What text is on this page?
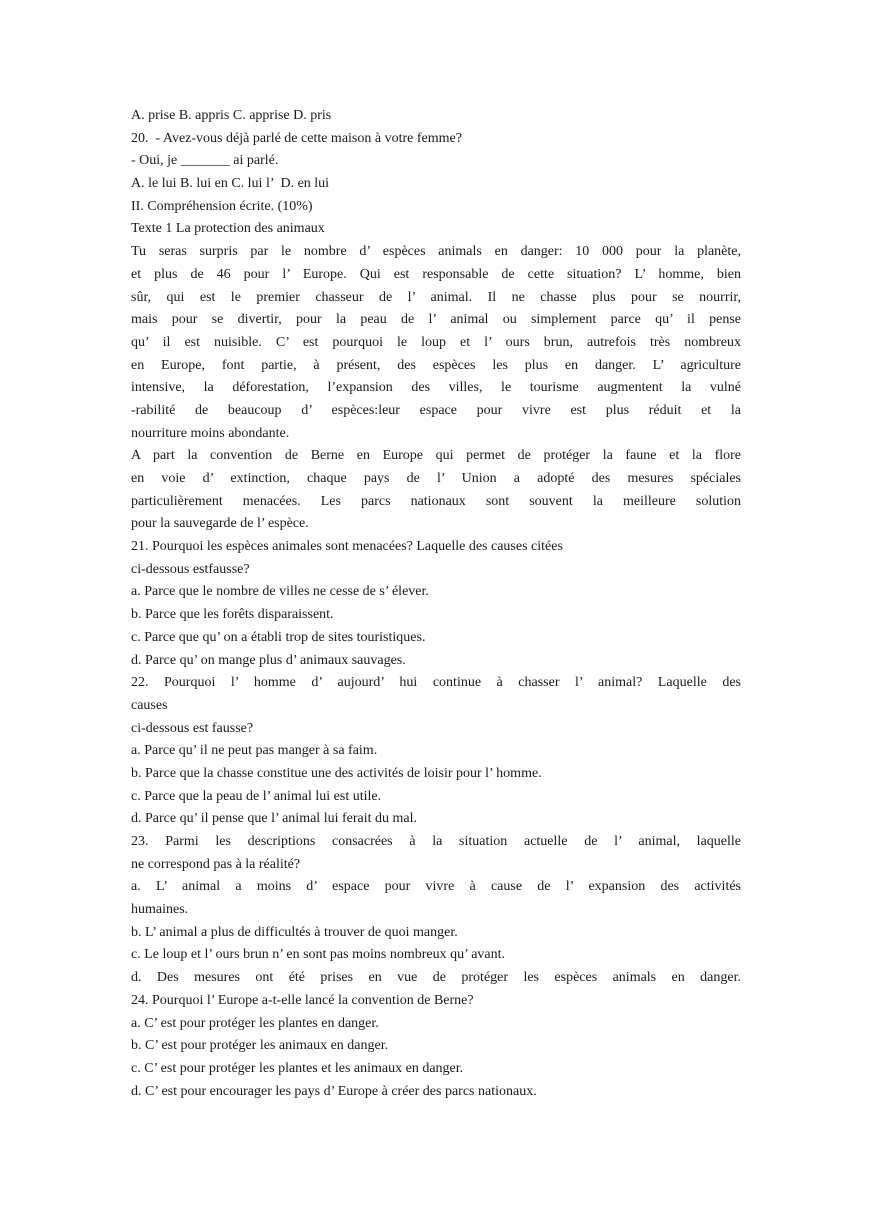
A. prise B. appris C. apprise D. pris

20.  - Avez-vous déjà parlé de cette maison à votre femme?

- Oui, je _______ ai parlé.

A. le lui B. lui en C. lui l’  D. en lui

II. Compréhension écrite. (10%)

Texte 1 La protection des animaux

Tu seras surpris par le nombre d’ espèces animals en danger: 10 000 pour la planète,

et plus de 46 pour l’ Europe. Qui est responsable de cette situation? L’ homme, bien

sûr, qui est le premier chasseur de l’ animal. Il ne chasse plus pour se nourrir,

mais pour se divertir, pour la peau de l’ animal ou simplement parce qu’ il pense

qu’ il est nuisible. C’ est pourquoi le loup et l’ ours brun, autrefois très nombreux

en Europe, font partie, à présent, des espèces les plus en danger. L’ agriculture

intensive, la déforestation, l’expansion des villes, le tourisme augmentent la vulné

-rabilité de beaucoup d’ espèces:leur espace pour vivre est plus réduit et la

nourriture moins abondante.

A part la convention de Berne en Europe qui permet de protéger la faune et la flore

en voie d’ extinction, chaque pays de l’ Union a adopté des mesures spéciales

particulièrement menacées. Les parcs nationaux sont souvent la meilleure solution

pour la sauvegarde de l’ espèce.

21. Pourquoi les espèces animales sont menacées? Laquelle des causes citées

ci-dessous estfausse?

a. Parce que le nombre de villes ne cesse de s’ élever.

b. Parce que les forêts disparaissent.

c. Parce que qu’ on a établi trop de sites touristiques.

d. Parce qu’ on mange plus d’ animaux sauvages.

22. Pourquoi l’ homme d’ aujourd’ hui continue à chasser l’ animal? Laquelle des

causes

ci-dessous est fausse?

a. Parce qu’ il ne peut pas manger à sa faim.

b. Parce que la chasse constitue une des activités de loisir pour l’ homme.

c. Parce que la peau de l’ animal lui est utile.

d. Parce qu’ il pense que l’ animal lui ferait du mal.

23. Parmi les descriptions consacrées à la situation actuelle de l’ animal, laquelle

ne correspond pas à la réalité?

a. L’ animal a moins d’ espace pour vivre à cause de l’ expansion des activités

humaines.

b. L’ animal a plus de difficultés à trouver de quoi manger.

c. Le loup et l’ ours brun n’ en sont pas moins nombreux qu’ avant.

d. Des mesures ont été prises en vue de protéger les espèces animals en danger.

24. Pourquoi l’ Europe a-t-elle lancé la convention de Berne?

a. C’ est pour protéger les plantes en danger.

b. C’ est pour protéger les animaux en danger.

c. C’ est pour protéger les plantes et les animaux en danger.

d. C’ est pour encourager les pays d’ Europe à créer des parcs nationaux.
